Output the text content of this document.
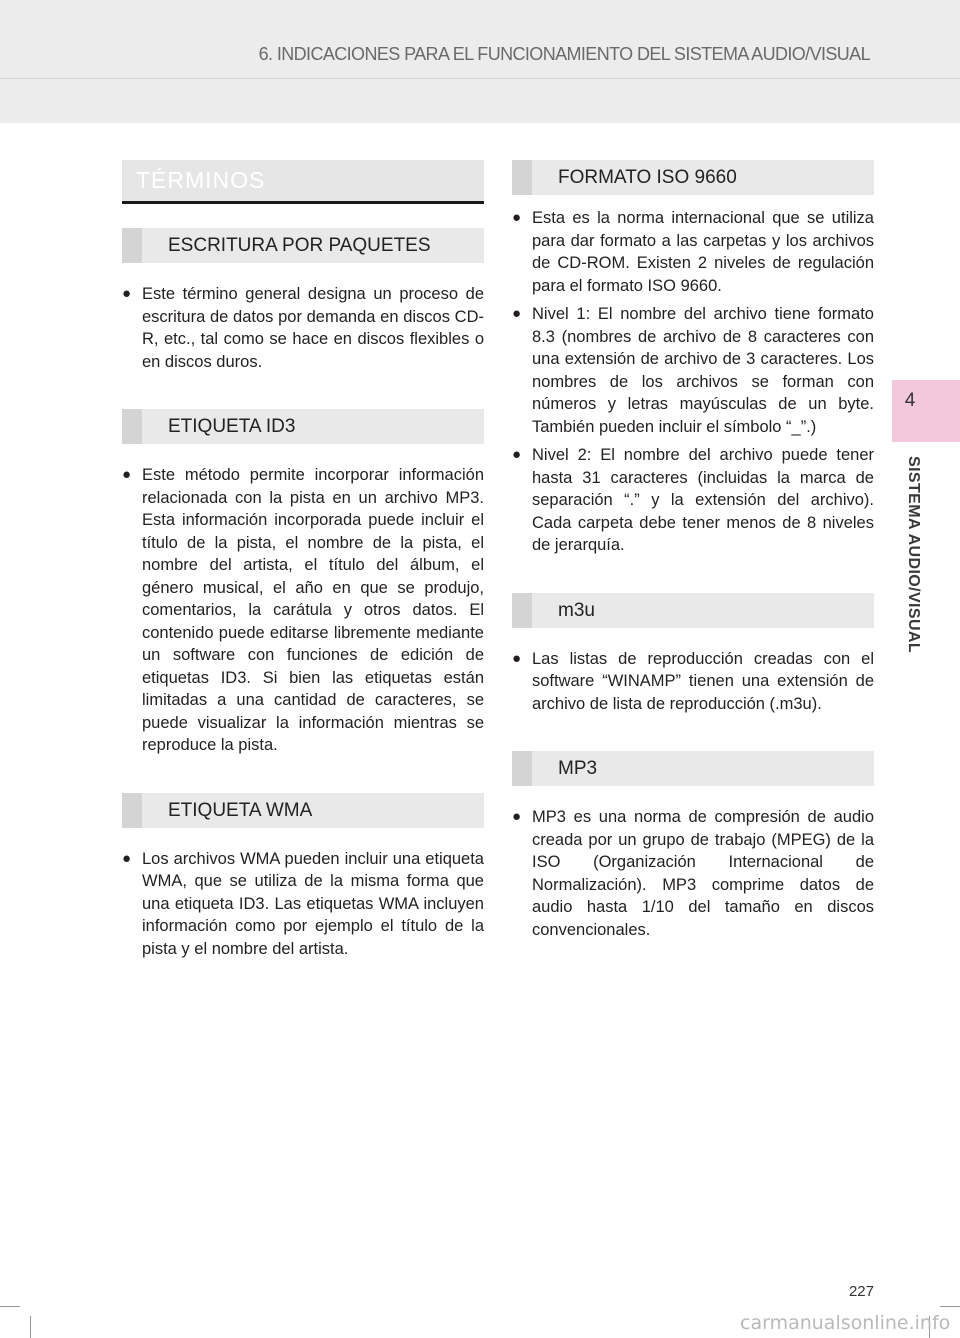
6. INDICACIONES PARA EL FUNCIONAMIENTO DEL SISTEMA AUDIO/VISUAL
4
SISTEMA AUDIO/VISUAL
TÉRMINOS
ESCRITURA POR PAQUETES
● Este término general designa un proceso de escritura de datos por demanda en discos CD-R, etc., tal como se hace en discos flexibles o en discos duros.
ETIQUETA ID3
● Este método permite incorporar información relacionada con la pista en un archivo MP3. Esta información incorporada puede incluir el título de la pista, el nombre de la pista, el nombre del artista, el título del álbum, el género musical, el año en que se produjo, comentarios, la carátula y otros datos. El contenido puede editarse libremente mediante un software con funciones de edición de etiquetas ID3. Si bien las etiquetas están limitadas a una cantidad de caracteres, se puede visualizar la información mientras se reproduce la pista.
ETIQUETA WMA
● Los archivos WMA pueden incluir una etiqueta WMA, que se utiliza de la misma forma que una etiqueta ID3. Las etiquetas WMA incluyen información como por ejemplo el título de la pista y el nombre del artista.
FORMATO ISO 9660
● Esta es la norma internacional que se utiliza para dar formato a las carpetas y los archivos de CD-ROM. Existen 2 niveles de regulación para el formato ISO 9660.
● Nivel 1: El nombre del archivo tiene formato 8.3 (nombres de archivo de 8 caracteres con una extensión de archivo de 3 caracteres. Los nombres de los archivos se forman con números y letras mayúsculas de un byte. También pueden incluir el símbolo “_”.)
● Nivel 2: El nombre del archivo puede tener hasta 31 caracteres (incluidas la marca de separación “.” y la extensión del archivo). Cada carpeta debe tener menos de 8 niveles de jerarquía.
m3u
● Las listas de reproducción creadas con el software “WINAMP” tienen una extensión de archivo de lista de reproducción (.m3u).
MP3
● MP3 es una norma de compresión de audio creada por un grupo de trabajo (MPEG) de la ISO (Organización Internacional de Normalización). MP3 comprime datos de audio hasta 1/10 del tamaño en discos convencionales.
227
carmanualsonline.info
